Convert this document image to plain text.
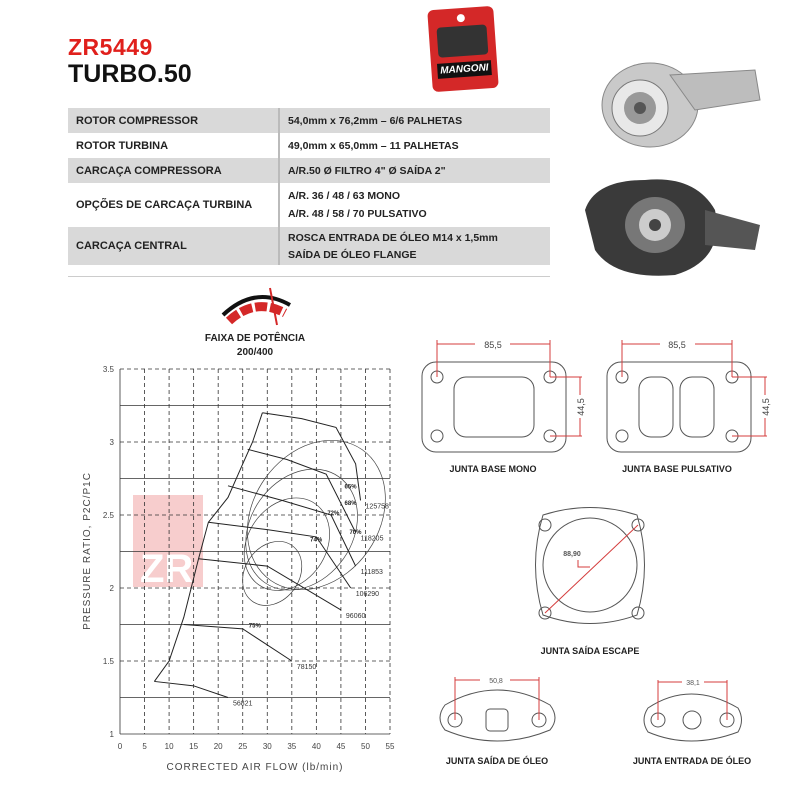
ZR5449
TURBO.50	MANGONI
ROTOR COMPRESSOR	54,0mm x 76,2mm – 6/6 PALHETAS
ROTOR TURBINA	49,0mm x 65,0mm – 11 PALHETAS
CARCAÇA COMPRESSORA	A/R.50 Ø FILTRO 4" Ø SAÍDA 2"
OPÇÕES DE CARCAÇA TURBINA	A/R. 36 / 48 / 63 MONO
A/R. 48 / 58 / 70 PULSATIVO

CARCAÇA CENTRAL	ROSCA ENTRADA DE ÓLEO M14 x 1,5mm
SAÍDA DE ÓLEO FLANGE
FAIXA DE POTÊNCIA
200/400
ZR TURBO
0	5 10 15 20 25 30 35 40 45 50 55
1
1.5
2
2.5
3
3.5
56821
78150
96060
106290
111853
118205
125758
65%
68%
72%
70%
74%
75%
CORRECTED AIR FLOW (lb/min)
PRESSURE RATIO, P2C/P1C
85,5
44,5
JUNTA BASE MONO
85,5
44,5
JUNTA BASE PULSATIVO
88,90
JUNTA SAÍDA ESCAPE
50,8
JUNTA SAÍDA DE ÓLEO
38,1
JUNTA ENTRADA DE ÓLEO
